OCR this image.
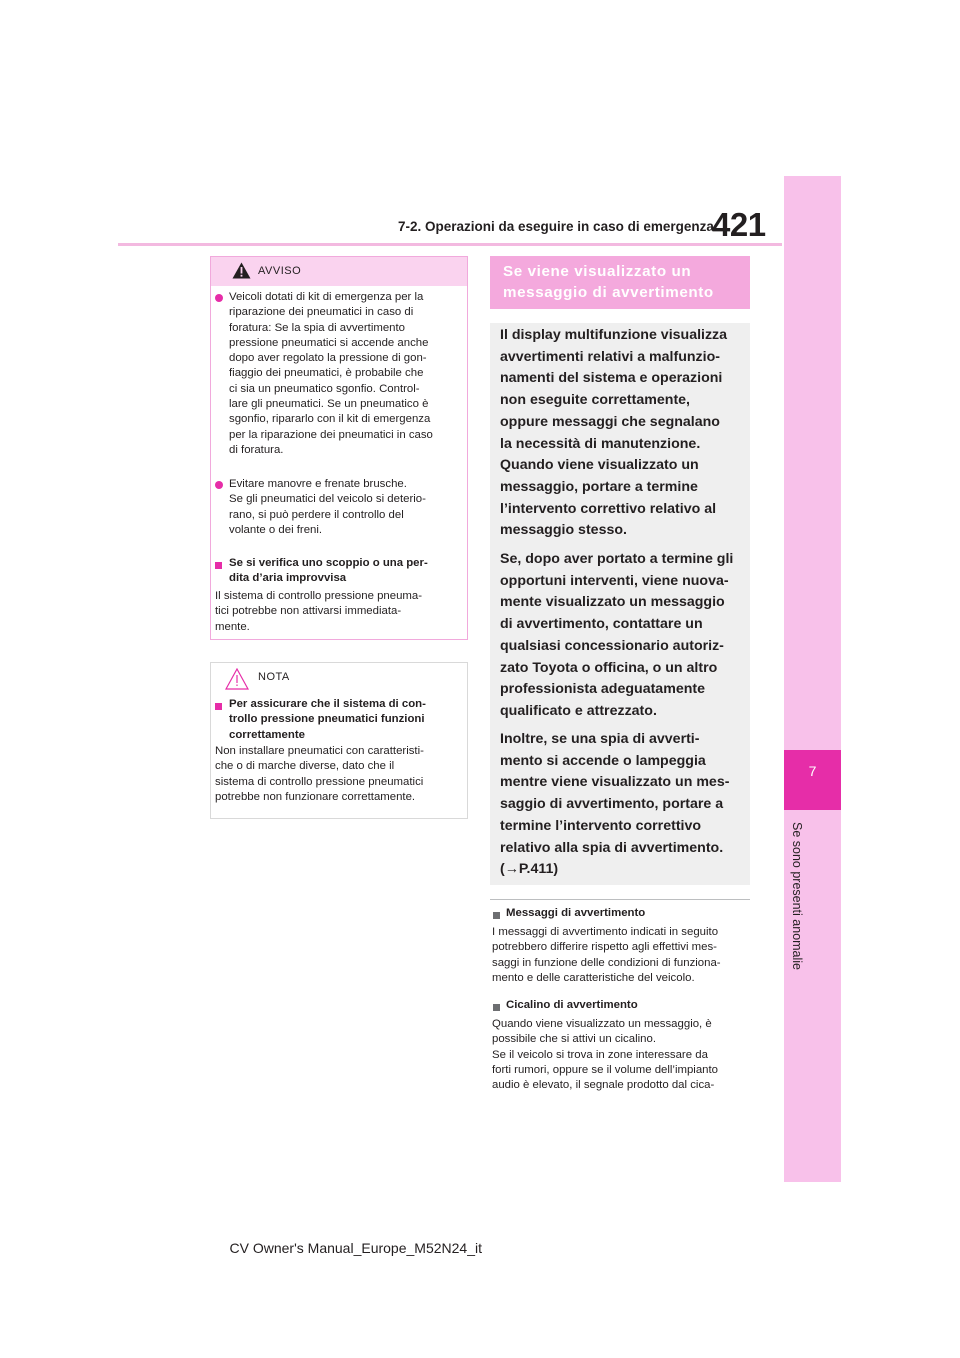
7-2. Operazioni da eseguire in caso di emergenza
421
7
Se sono presenti anomalie
AVVISO
Veicoli dotati di kit di emergenza per la
riparazione dei pneumatici in caso di
foratura: Se la spia di avvertimento
pressione pneumatici si accende anche
dopo aver regolato la pressione di gon-
fiaggio dei pneumatici, è probabile che
ci sia un pneumatico sgonfio. Control-
lare gli pneumatici. Se un pneumatico è
sgonfio, ripararlo con il kit di emergenza
per la riparazione dei pneumatici in caso
di foratura.
Evitare manovre e frenate brusche.
Se gli pneumatici del veicolo si deterio-
rano, si può perdere il controllo del
volante o dei freni.
Se si verifica uno scoppio o una per-
dita d’aria improvvisa
Il sistema di controllo pressione pneuma-
tici potrebbe non attivarsi immediata-
mente.
NOTA
Per assicurare che il sistema di con-
trollo pressione pneumatici funzioni
correttamente
Non installare pneumatici con caratteristi-
che o di marche diverse, dato che il
sistema di controllo pressione pneumatici
potrebbe non funzionare correttamente.
Se viene visualizzato un
messaggio di avvertimento
Il display multifunzione visualizza
avvertimenti relativi a malfunzio-
namenti del sistema e operazioni
non eseguite correttamente,
oppure messaggi che segnalano
la necessità di manutenzione.
Quando viene visualizzato un
messaggio, portare a termine
l’intervento correttivo relativo al
messaggio stesso.
Se, dopo aver portato a termine gli
opportuni interventi, viene nuova-
mente visualizzato un messaggio
di avvertimento, contattare un
qualsiasi concessionario autoriz-
zato Toyota o officina, o un altro
professionista adeguatamente
qualificato e attrezzato.
Inoltre, se una spia di avverti-
mento si accende o lampeggia
mentre viene visualizzato un mes-
saggio di avvertimento, portare a
termine l’intervento correttivo
relativo alla spia di avvertimento.
(→P.411)
Messaggi di avvertimento
I messaggi di avvertimento indicati in seguito
potrebbero differire rispetto agli effettivi mes-
saggi in funzione delle condizioni di funziona-
mento e delle caratteristiche del veicolo.
Cicalino di avvertimento
Quando viene visualizzato un messaggio, è
possibile che si attivi un cicalino.
Se il veicolo si trova in zone interessare da
forti rumori, oppure se il volume dell’impianto
audio è elevato, il segnale prodotto dal cica-
CV Owner's Manual_Europe_M52N24_it
